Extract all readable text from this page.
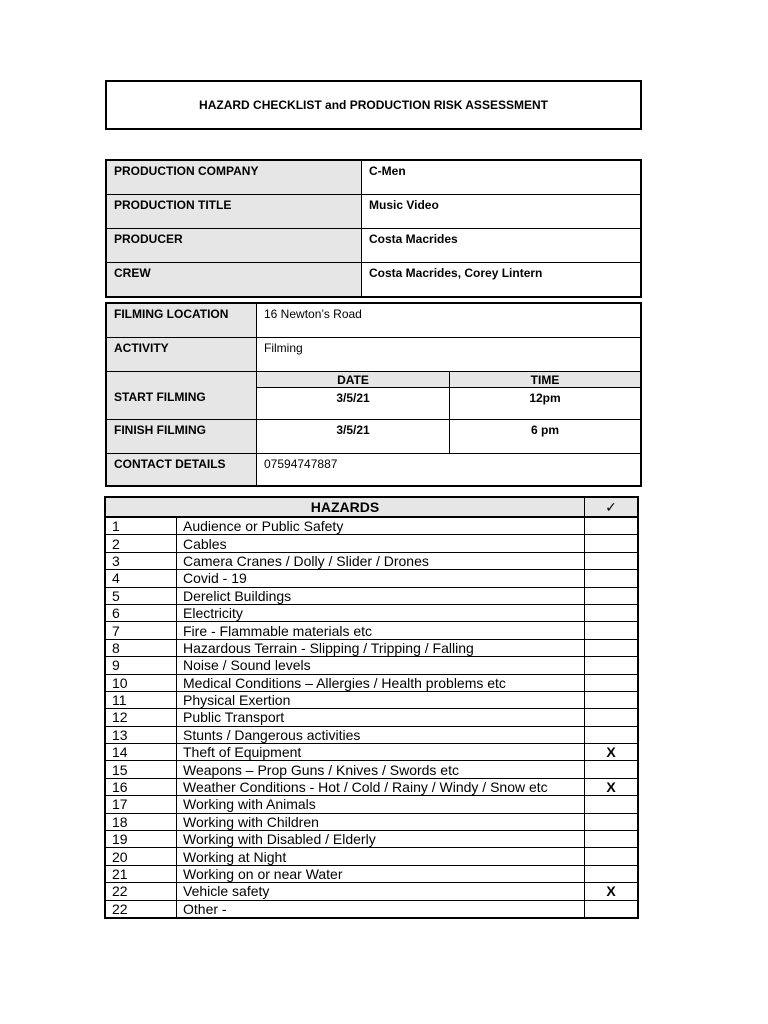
HAZARD CHECKLIST and PRODUCTION RISK ASSESSMENT
PRODUCTION COMPANY	C-Men
PRODUCTION TITLE	Music Video
PRODUCER	Costa Macrides
CREW	Costa Macrides, Corey Lintern
FILMING LOCATION	16 Newton’s Road	
ACTIVITY	Filming	
START FILMING	DATE	TIME
	3/5/21	12pm
FINISH FILMING	3/5/21	6 pm
CONTACT DETAILS	07594747887	
HAZARDS		✓
1	Audience or Public Safety	
2	Cables	
3	Camera Cranes / Dolly / Slider / Drones	
4	Covid - 19	
5	Derelict Buildings	
6	Electricity	
7	Fire - Flammable materials etc	
8	Hazardous Terrain - Slipping / Tripping / Falling	
9	Noise / Sound levels	
10	Medical Conditions – Allergies / Health problems etc	
11	Physical Exertion	
12	Public Transport	
13	Stunts / Dangerous activities	
14	Theft of Equipment	X
15	Weapons – Prop Guns / Knives / Swords etc	
16	Weather Conditions - Hot / Cold / Rainy / Windy / Snow etc	X
17	Working with Animals	
18	Working with Children	
19	Working with Disabled / Elderly	
20	Working at Night	
21	Working on or near Water	
22	Vehicle safety	X
22	Other -	
